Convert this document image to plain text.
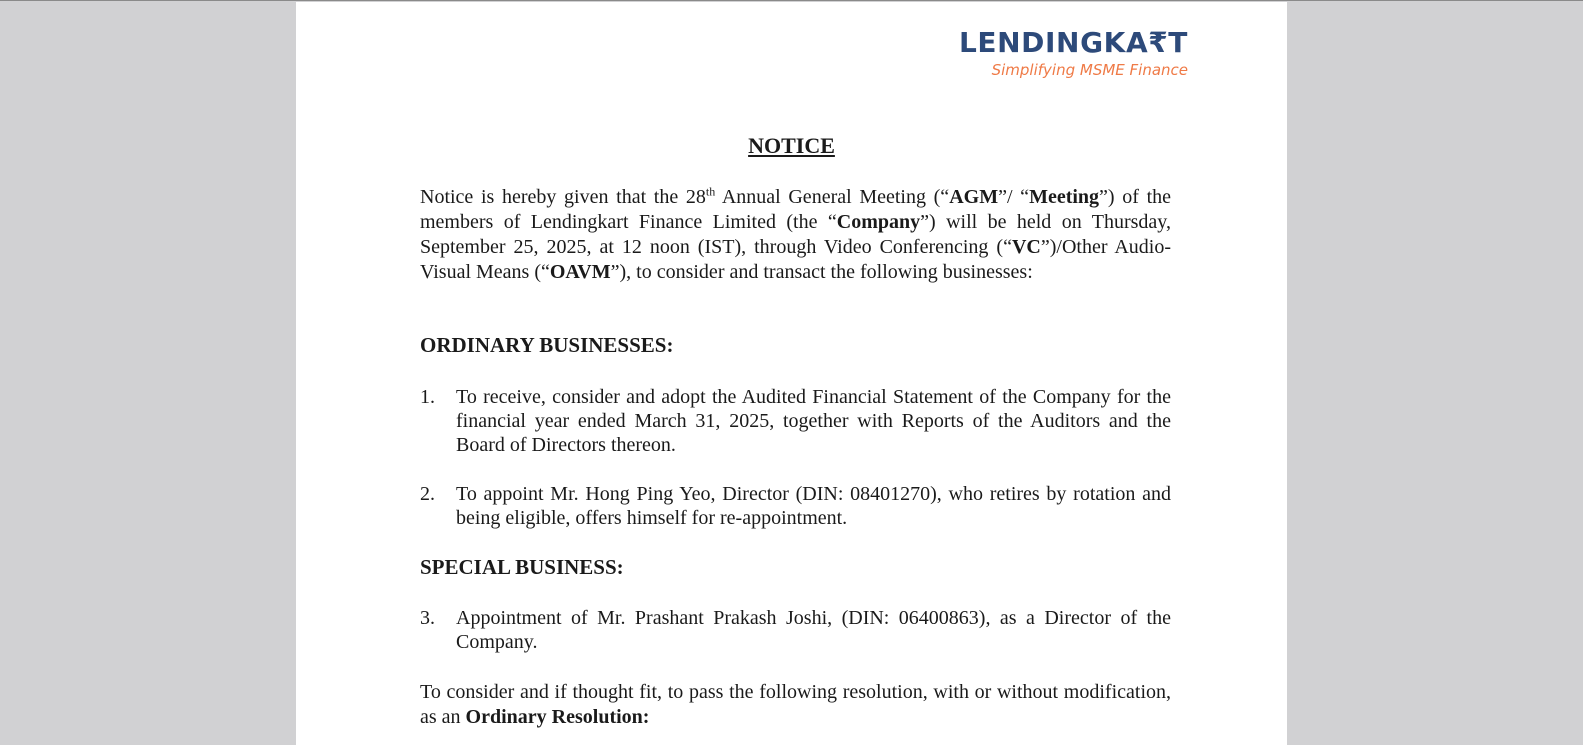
LENDINGKA₹T
Simplifying MSME Finance
NOTICE
Notice is hereby given that the 28th Annual General Meeting (“AGM”/ “Meeting”) of the members of Lendingkart Finance Limited (the “Company”) will be held on Thursday, September 25, 2025, at 12 noon (IST), through Video Conferencing (“VC”)/Other Audio-Visual Means (“OAVM”), to consider and transact the following businesses:
ORDINARY BUSINESSES:
1. To receive, consider and adopt the Audited Financial Statement of the Company for the financial year ended March 31, 2025, together with Reports of the Auditors and the Board of Directors thereon.
2. To appoint Mr. Hong Ping Yeo, Director (DIN: 08401270), who retires by rotation and being eligible, offers himself for re-appointment.
SPECIAL BUSINESS:
3. Appointment of Mr. Prashant Prakash Joshi, (DIN: 06400863), as a Director of the Company.
To consider and if thought fit, to pass the following resolution, with or without modification, as an Ordinary Resolution:
